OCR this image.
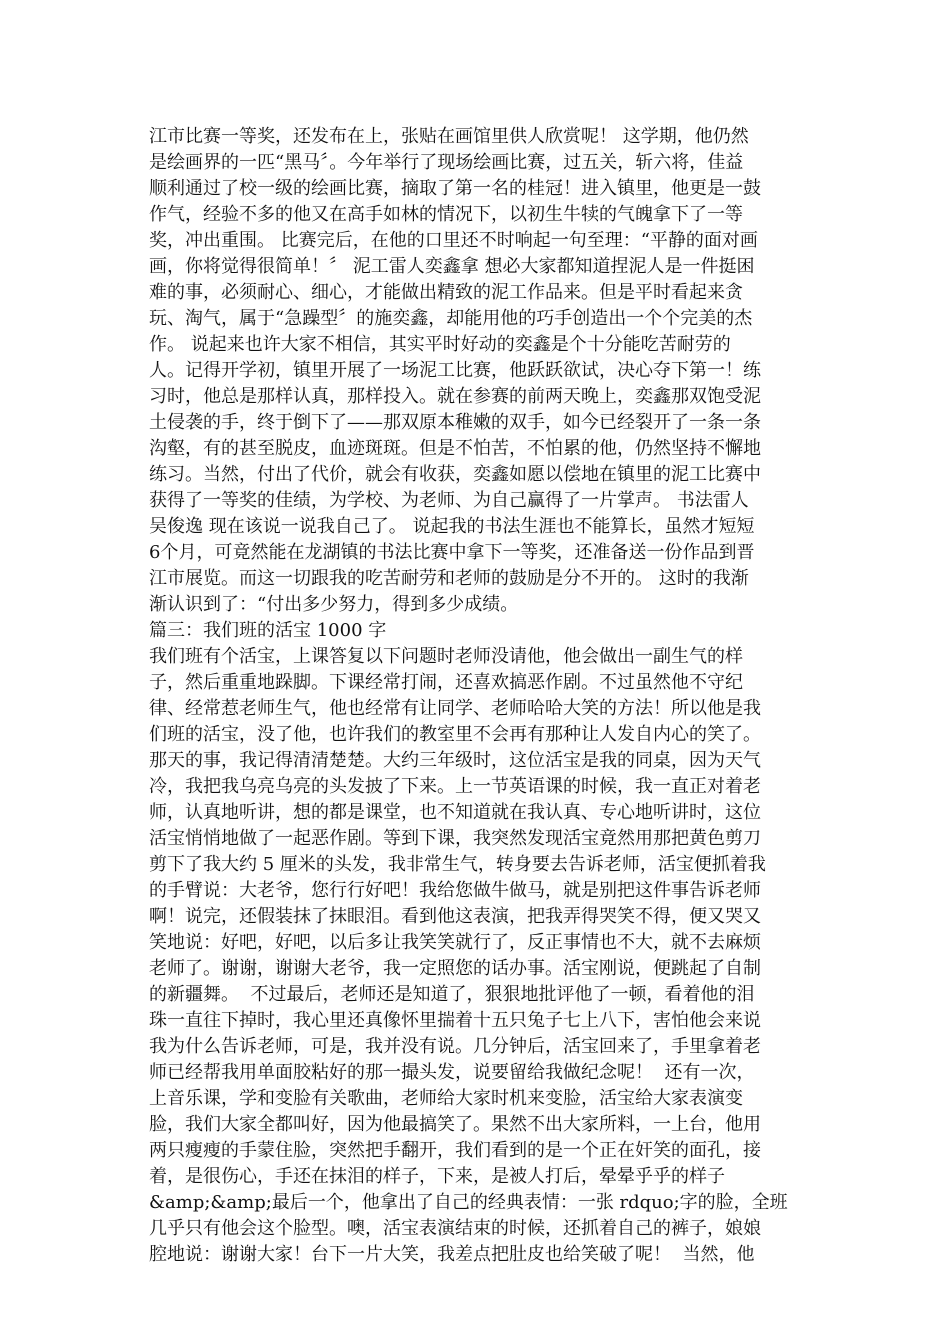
江市比赛一等奖，还发布在上，张贴在画馆里供人欣赏呢！ 这学期，他仍然
是绘画界的一匹“黑马〞。今年举行了现场绘画比赛，过五关，斩六将，佳益
顺利通过了校一级的绘画比赛，摘取了第一名的桂冠！进入镇里，他更是一鼓
作气，经验不多的他又在高手如林的情况下，以初生牛犊的气魄拿下了一等
奖，冲出重围。 比赛完后，在他的口里还不时响起一句至理：“平静的面对画
画，你将觉得很简单！〞 泥工雷人奕鑫拿 想必大家都知道捏泥人是一件挺困
难的事，必须耐心、细心，才能做出精致的泥工作品来。但是平时看起来贪
玩、淘气，属于“急躁型〞的施奕鑫，却能用他的巧手创造出一个个完美的杰
作。 说起来也许大家不相信，其实平时好动的奕鑫是个十分能吃苦耐劳的
人。记得开学初，镇里开展了一场泥工比赛，他跃跃欲试，决心夺下第一！练
习时，他总是那样认真，那样投入。就在参赛的前两天晚上，奕鑫那双饱受泥
土侵袭的手，终于倒下了——那双原本稚嫩的双手，如今已经裂开了一条一条
沟壑，有的甚至脱皮，血迹斑斑。但是不怕苦，不怕累的他，仍然坚持不懈地
练习。当然，付出了代价，就会有收获，奕鑫如愿以偿地在镇里的泥工比赛中
获得了一等奖的佳绩，为学校、为老师、为自己赢得了一片掌声。 书法雷人
吴俊逸 现在该说一说我自己了。 说起我的书法生涯也不能算长，虽然才短短
6个月，可竟然能在龙湖镇的书法比赛中拿下一等奖，还准备送一份作品到晋
江市展览。而这一切跟我的吃苦耐劳和老师的鼓励是分不开的。 这时的我渐
渐认识到了：“付出多少努力，得到多少成绩。
篇三：我们班的活宝 1000 字
我们班有个活宝，上课答复以下问题时老师没请他，他会做出一副生气的样
子，然后重重地跺脚。下课经常打闹，还喜欢搞恶作剧。不过虽然他不守纪
律、经常惹老师生气，他也经常有让同学、老师哈哈大笑的方法！所以他是我
们班的活宝，没了他，也许我们的教室里不会再有那种让人发自内心的笑了。
那天的事，我记得清清楚楚。大约三年级时，这位活宝是我的同桌，因为天气
冷，我把我乌亮乌亮的头发披了下来。上一节英语课的时候，我一直正对着老
师，认真地听讲，想的都是课堂，也不知道就在我认真、专心地听讲时，这位
活宝悄悄地做了一起恶作剧。等到下课，我突然发现活宝竟然用那把黄色剪刀
剪下了我大约 5 厘米的头发，我非常生气，转身要去告诉老师，活宝便抓着我
的手臂说：大老爷，您行行好吧！我给您做牛做马，就是别把这件事告诉老师
啊！说完，还假装抹了抹眼泪。看到他这表演，把我弄得哭笑不得，便又哭又
笑地说：好吧，好吧，以后多让我笑笑就行了，反正事情也不大，就不去麻烦
老师了。谢谢，谢谢大老爷，我一定照您的话办事。活宝刚说，便跳起了自制
的新疆舞。  不过最后，老师还是知道了，狠狠地批评他了一顿，看着他的泪
珠一直往下掉时，我心里还真像怀里揣着十五只兔子七上八下，害怕他会来说
我为什么告诉老师，可是，我并没有说。几分钟后，活宝回来了，手里拿着老
师已经帮我用单面胶粘好的那一撮头发，说要留给我做纪念呢！  还有一次，
上音乐课，学和变脸有关歌曲，老师给大家时机来变脸，活宝给大家表演变
脸，我们大家全都叫好，因为他最搞笑了。果然不出大家所料，一上台，他用
两只瘦瘦的手蒙住脸，突然把手翻开，我们看到的是一个正在奸笑的面孔，接
着，是很伤心，手还在抹泪的样子，下来，是被人打后，晕晕乎乎的样子
&amp;&amp;最后一个，他拿出了自己的经典表情：一张 rdquo;字的脸，全班
几乎只有他会这个脸型。噢，活宝表演结束的时候，还抓着自己的裤子，娘娘
腔地说：谢谢大家！台下一片大笑，我差点把肚皮也给笑破了呢！  当然，他
